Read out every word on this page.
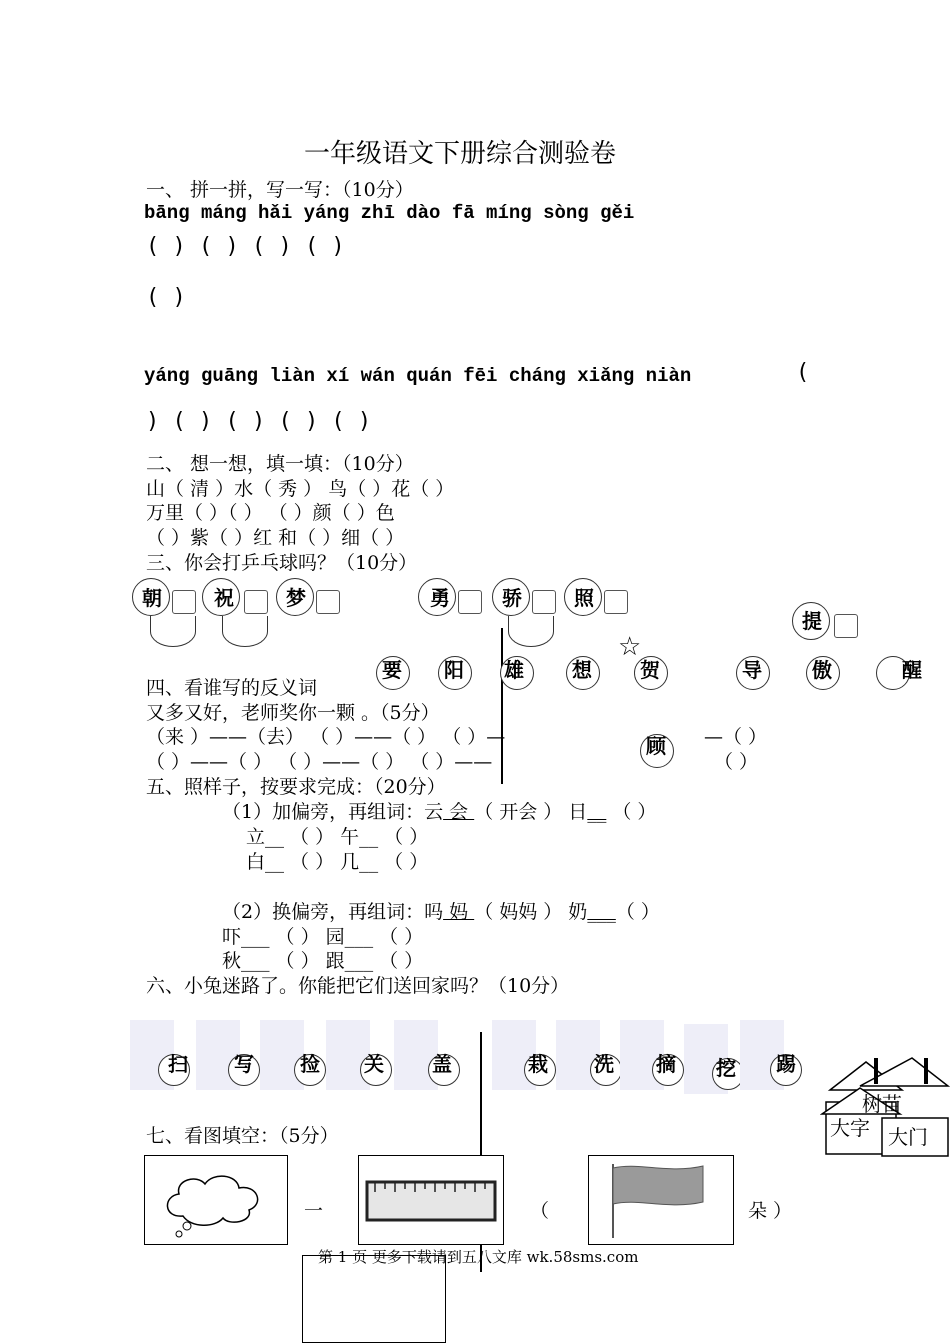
一年级语文下册综合测验卷
一、 拼一拼，写一写：（10分）
bāng máng hǎi yáng zhī dào fā míng sòng gěi
( ) ( ) ( ) ( )
( )
yáng guāng liàn xí wán quán fēi cháng xiǎng niàn	(
) ( ) ( ) ( ) ( )
二、 想一想，填一填：（10分）
山（ 清 ）水（ 秀 ） 鸟（ ）花（ ）
万里（ ）（ ） （ ）颜（ ）色
（ ）紫（ ）红 和（ ）细（ ）
三、你会打乒乓球吗？（10分）
朝	祝	梦	勇	骄	照
提
要 阳 雄 想
☆
贺	导	傲	醒
顾
四、看谁写的反义词
又多又好，老师奖你一颗 。（5分）
（来 ）——（去） （ ）——（ ） （ ）—	—（ ）
（ ）——（ ） （ ）——（ ） （ ）——	（ ）
五、照样子，按要求完成：（20分）
（1）加偏旁，再组词：云 会 （ 开会 ） 日__ （ ）
立__ （ ） 午__ （ ）
白__ （ ） 几__ （ ）
（2）换偏旁，再组词：吗 妈 （ 妈妈 ） 奶___（ ）
吓___ （ ） 园___ （ ）
秋___ （ ） 跟___ （ ）
六、小兔迷路了。你能把它们送回家吗？（10分）
扫 写 捡 关 盖	栽 洗 摘 挖 踢
大字
树苗
大门
七、看图填空：（5分）
一	（	朵 ）
第 1 页 更多下载请到五八文库 wk.58sms.com
